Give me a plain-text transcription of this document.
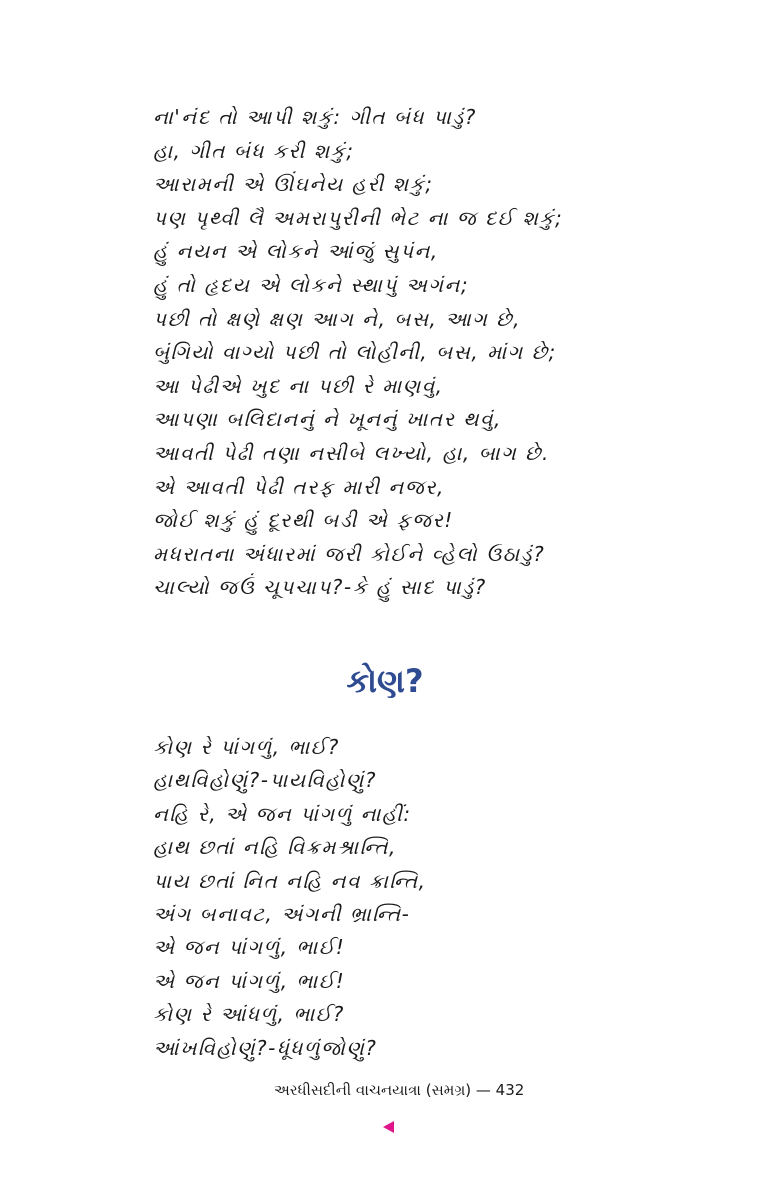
ના'નંદ તો આપી શકું: ગીત બંધ પાડું?
હા, ગીત બંધ કરી શકું;
આરામની એ ઊંઘનેય હરી શકું;
પણ પૃથ્વી લૈ અમરાપુરીની ભેટ ના જ દઈ શકું;
હું નયન એ લોકને આંજું સુપંન,
હું તો હૃદય એ લોકને સ્થાપું અગંન;
પછી તો ક્ષણે ક્ષણ આગ ને, બસ, આગ છે,
બુંગિયો વાગ્યો પછી તો લોહીની, બસ, માંગ છે;
આ પેઢીએ ખુદ ના પછી રે માણવું,
આપણા બલિદાનનું ને ખૂનનું ખાતર થવું,
આવતી પેઢી તણા નસીબે લખ્યો, હા, બાગ છે.
એ આવતી પેઢી તરફ મારી નજર,
જોઈ શકું હું દૂરથી બડી એ ફજર!
મધરાતના અંધારમાં જરી કોઈને વ્હેલો ઉઠાડું?
ચાલ્યો જઉં ચૂપચાપ?-કે હું સાદ પાડું?
કોણ?
કોણ રે પાંગળું, ભાઈ?
હાથવિહોણું?-પાયવિહોણું?
નહિ રે, એ જન પાંગળું નાહીં:
હાથ છતાં નહિ વિક્રમશ્રાન્તિ,
પાય છતાં નિત નહિ નવ ક્રાન્તિ,
અંગ બનાવટ, અંગની ભ્રાન્તિ-
એ જન પાંગળું, ભાઈ!
એ જન પાંગળું, ભાઈ!
કોણ રે આંધળું, ભાઈ?
આંખવિહોણું?-ધૂંધળુંજોણું?
અરધીસદીની વાચનયાત્રા (સમગ્ર) — 432
